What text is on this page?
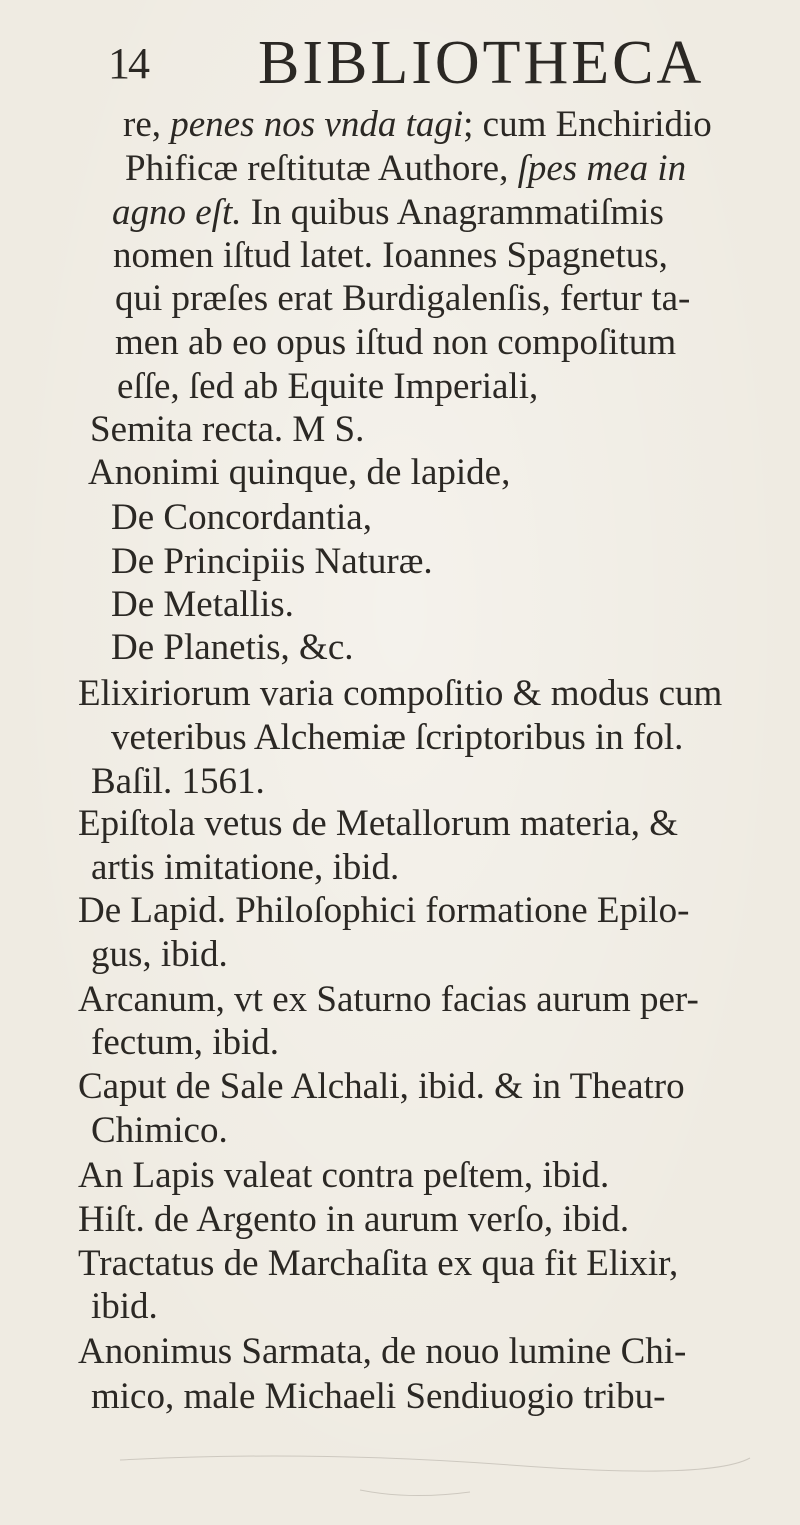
14 BIBLIOTHECA
re, penes nos vnda tagi; cum Enchiridio
Phificæ reſtitutæ Authore, ſpes mea in
agno eſt. In quibus Anagrammatiſmis
nomen iſtud latet. Ioannes Spagnetus,
qui præſes erat Burdigalenſis, fertur ta-
men ab eo opus iſtud non compoſitum
eſſe, ſed ab Equite Imperiali,
Semita recta. M S.
Anonimi quinque, de lapide,
De Concordantia,
De Principiis Naturæ.
De Metallis.
De Planetis, &c.
Elixiriorum varia compoſitio & modus cum
veteribus Alchemiæ ſcriptoribus in fol.
Baſil. 1561.
Epiſtola vetus de Metallorum materia, &
artis imitatione, ibid.
De Lapid. Philoſophici formatione Epilo-
gus, ibid.
Arcanum, vt ex Saturno facias aurum per-
fectum, ibid.
Caput de Sale Alchali, ibid. & in Theatro
Chimico.
An Lapis valeat contra peſtem, ibid.
Hiſt. de Argento in aurum verſo, ibid.
Tractatus de Marchaſita ex qua fit Elixir,
ibid.
Anonimus Sarmata, de nouo lumine Chi-
mico, male Michaeli Sendiuogio tribu-
